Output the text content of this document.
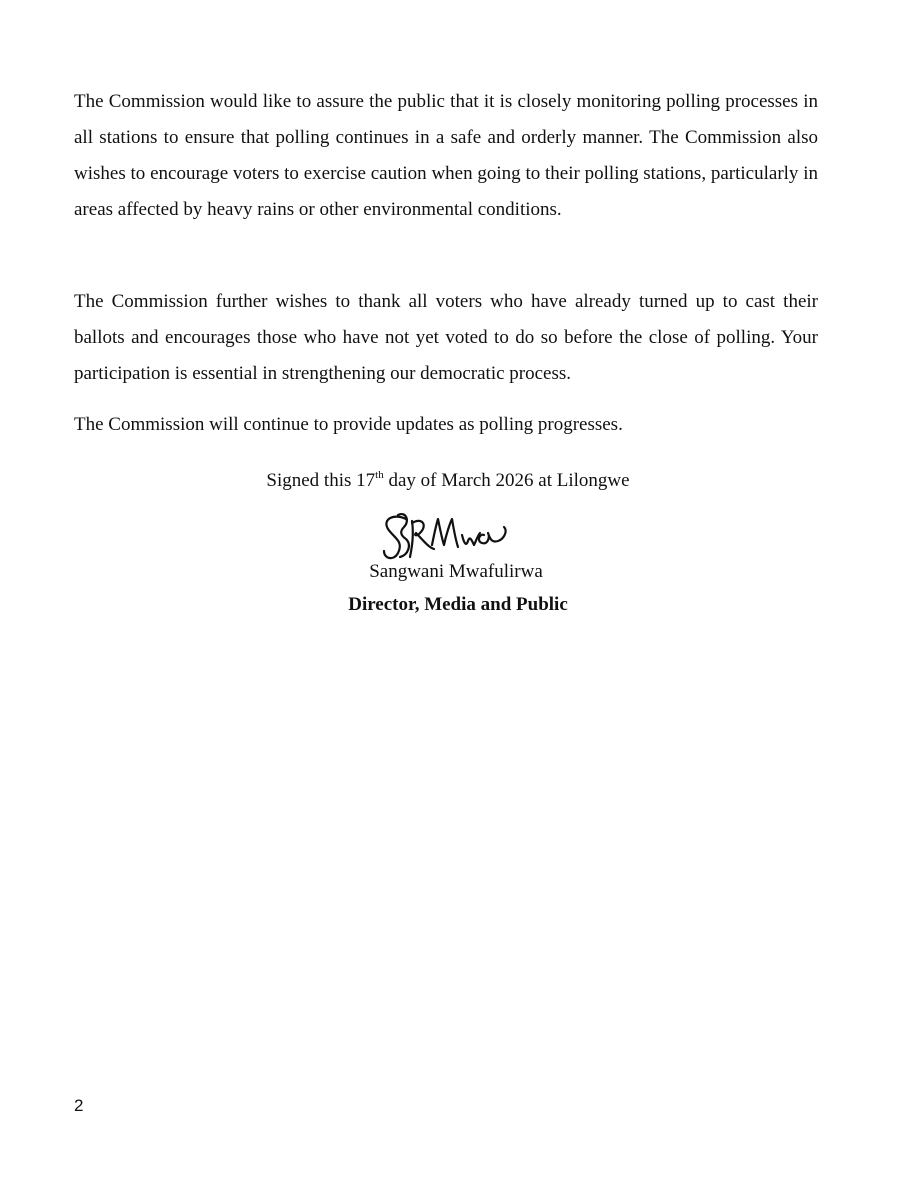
The Commission would like to assure the public that it is closely monitoring polling processes in all stations to ensure that polling continues in a safe and orderly manner. The Commission also wishes to encourage voters to exercise caution when going to their polling stations, particularly in areas affected by heavy rains or other environmental conditions.

The Commission further wishes to thank all voters who have already turned up to cast their ballots and encourages those who have not yet voted to do so before the close of polling. Your participation is essential in strengthening our democratic process.

The Commission will continue to provide updates as polling progresses.

Signed this 17th day of March 2026 at Lilongwe
Sangwani Mwafulirwa
Director, Media and Public
2
